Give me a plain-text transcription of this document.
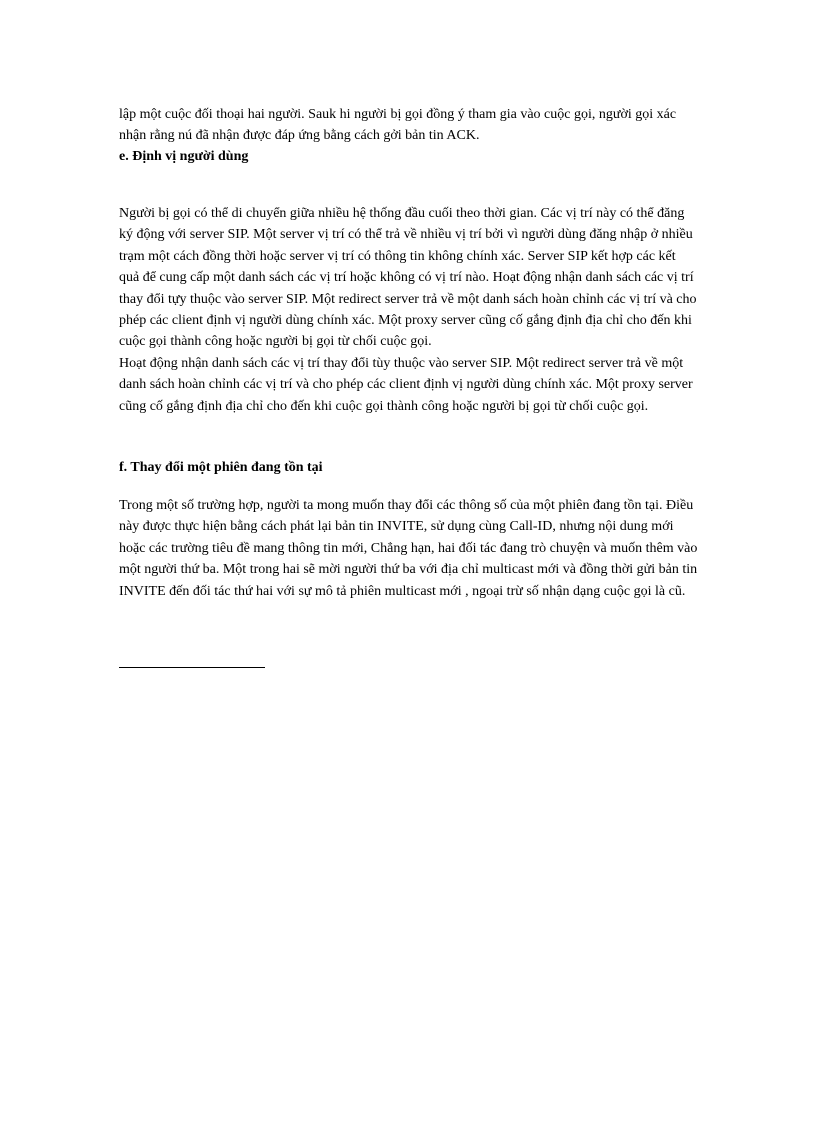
lập một cuộc đối thoại hai người. Sauk hi người bị gọi đồng ý tham gia vào cuộc gọi, người gọi xác nhận rằng nú đã nhận được đáp ứng bằng cách gởi bản tin ACK.

e. Định vị người dùng

Người bị gọi có thể di chuyển giữa nhiều hệ thống đầu cuối theo thời gian. Các vị trí này có thể đăng ký động với server SIP. Một server vị trí có thể trả về nhiều vị trí bởi vì người dùng đăng nhập ở nhiều trạm một cách đồng thời hoặc server vị trí có thông tin không chính xác. Server SIP kết hợp các kết quả để cung cấp một danh sách các vị trí hoặc không có vị trí nào. Hoạt động nhận danh sách các vị trí thay đổi tựy thuộc vào server SIP. Một redirect server trả về một danh sách hoàn chỉnh các vị trí và cho phép các client định vị người dùng chính xác. Một proxy server cũng cố gắng định địa chỉ cho đến khi cuộc gọi thành công hoặc người bị gọi từ chối cuộc gọi.

Hoạt động nhận danh sách các vị trí thay đổi tùy thuộc vào server SIP. Một redirect server trả về một danh sách hoàn chỉnh các vị trí và cho phép các client định vị người dùng chính xác. Một proxy server cũng cố gắng định địa chỉ cho đến khi cuộc gọi thành công hoặc người bị gọi từ chối cuộc gọi.

f. Thay đổi một phiên đang tồn tại

Trong một số trường hợp, người ta mong muốn thay đổi các thông số của một phiên đang tồn tại. Điều này được thực hiện bằng cách phát lại bản tin INVITE, sử dụng cùng Call-ID, nhưng nội dung mới hoặc các trường tiêu đề mang thông tin mới, Chẳng hạn, hai đối tác đang trò chuyện và muốn thêm vào một người thứ ba. Một trong hai sẽ mời người thứ ba với địa chỉ multicast mới và đồng thời gửi bản tin INVITE đến đối tác thứ hai với sự mô tả phiên multicast mới , ngoại trừ số nhận dạng cuộc gọi là cũ.
